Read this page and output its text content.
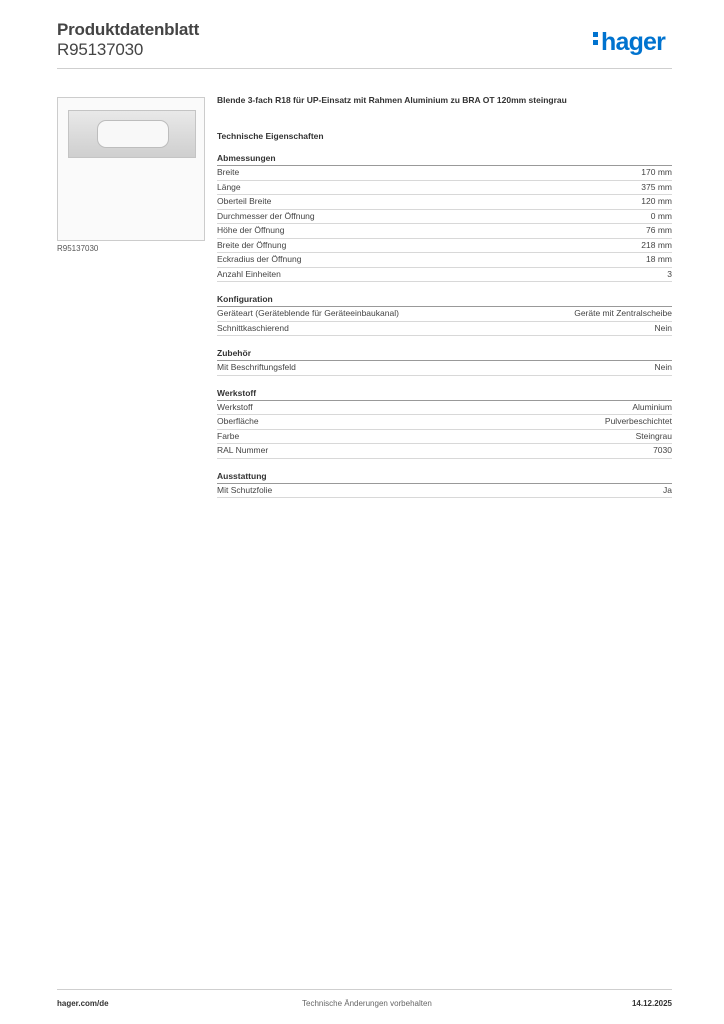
Produktdatenblatt
R95137030	hager
R95137030
Blende 3-fach R18 für UP-Einsatz mit Rahmen Aluminium zu BRA OT 120mm steingrau
Technische Eigenschaften
Abmessungen
Breite	170 mm
Länge	375 mm
Oberteil Breite	120 mm
Durchmesser der Öffnung	0 mm
Höhe der Öffnung	76 mm
Breite der Öffnung	218 mm
Eckradius der Öffnung	18 mm
Anzahl Einheiten	3
Konfiguration
Geräteart (Geräteblende für Geräteeinbaukanal)	Geräte mit Zentralscheibe
Schnittkaschierend	Nein
Zubehör
Mit Beschriftungsfeld	Nein
Werkstoff
Werkstoff	Aluminium
Oberfläche	Pulverbeschichtet
Farbe	Steingrau
RAL Nummer	7030
Ausstattung
Mit Schutzfolie	Ja
hager.com/de	Technische Änderungen vorbehalten	14.12.2025
